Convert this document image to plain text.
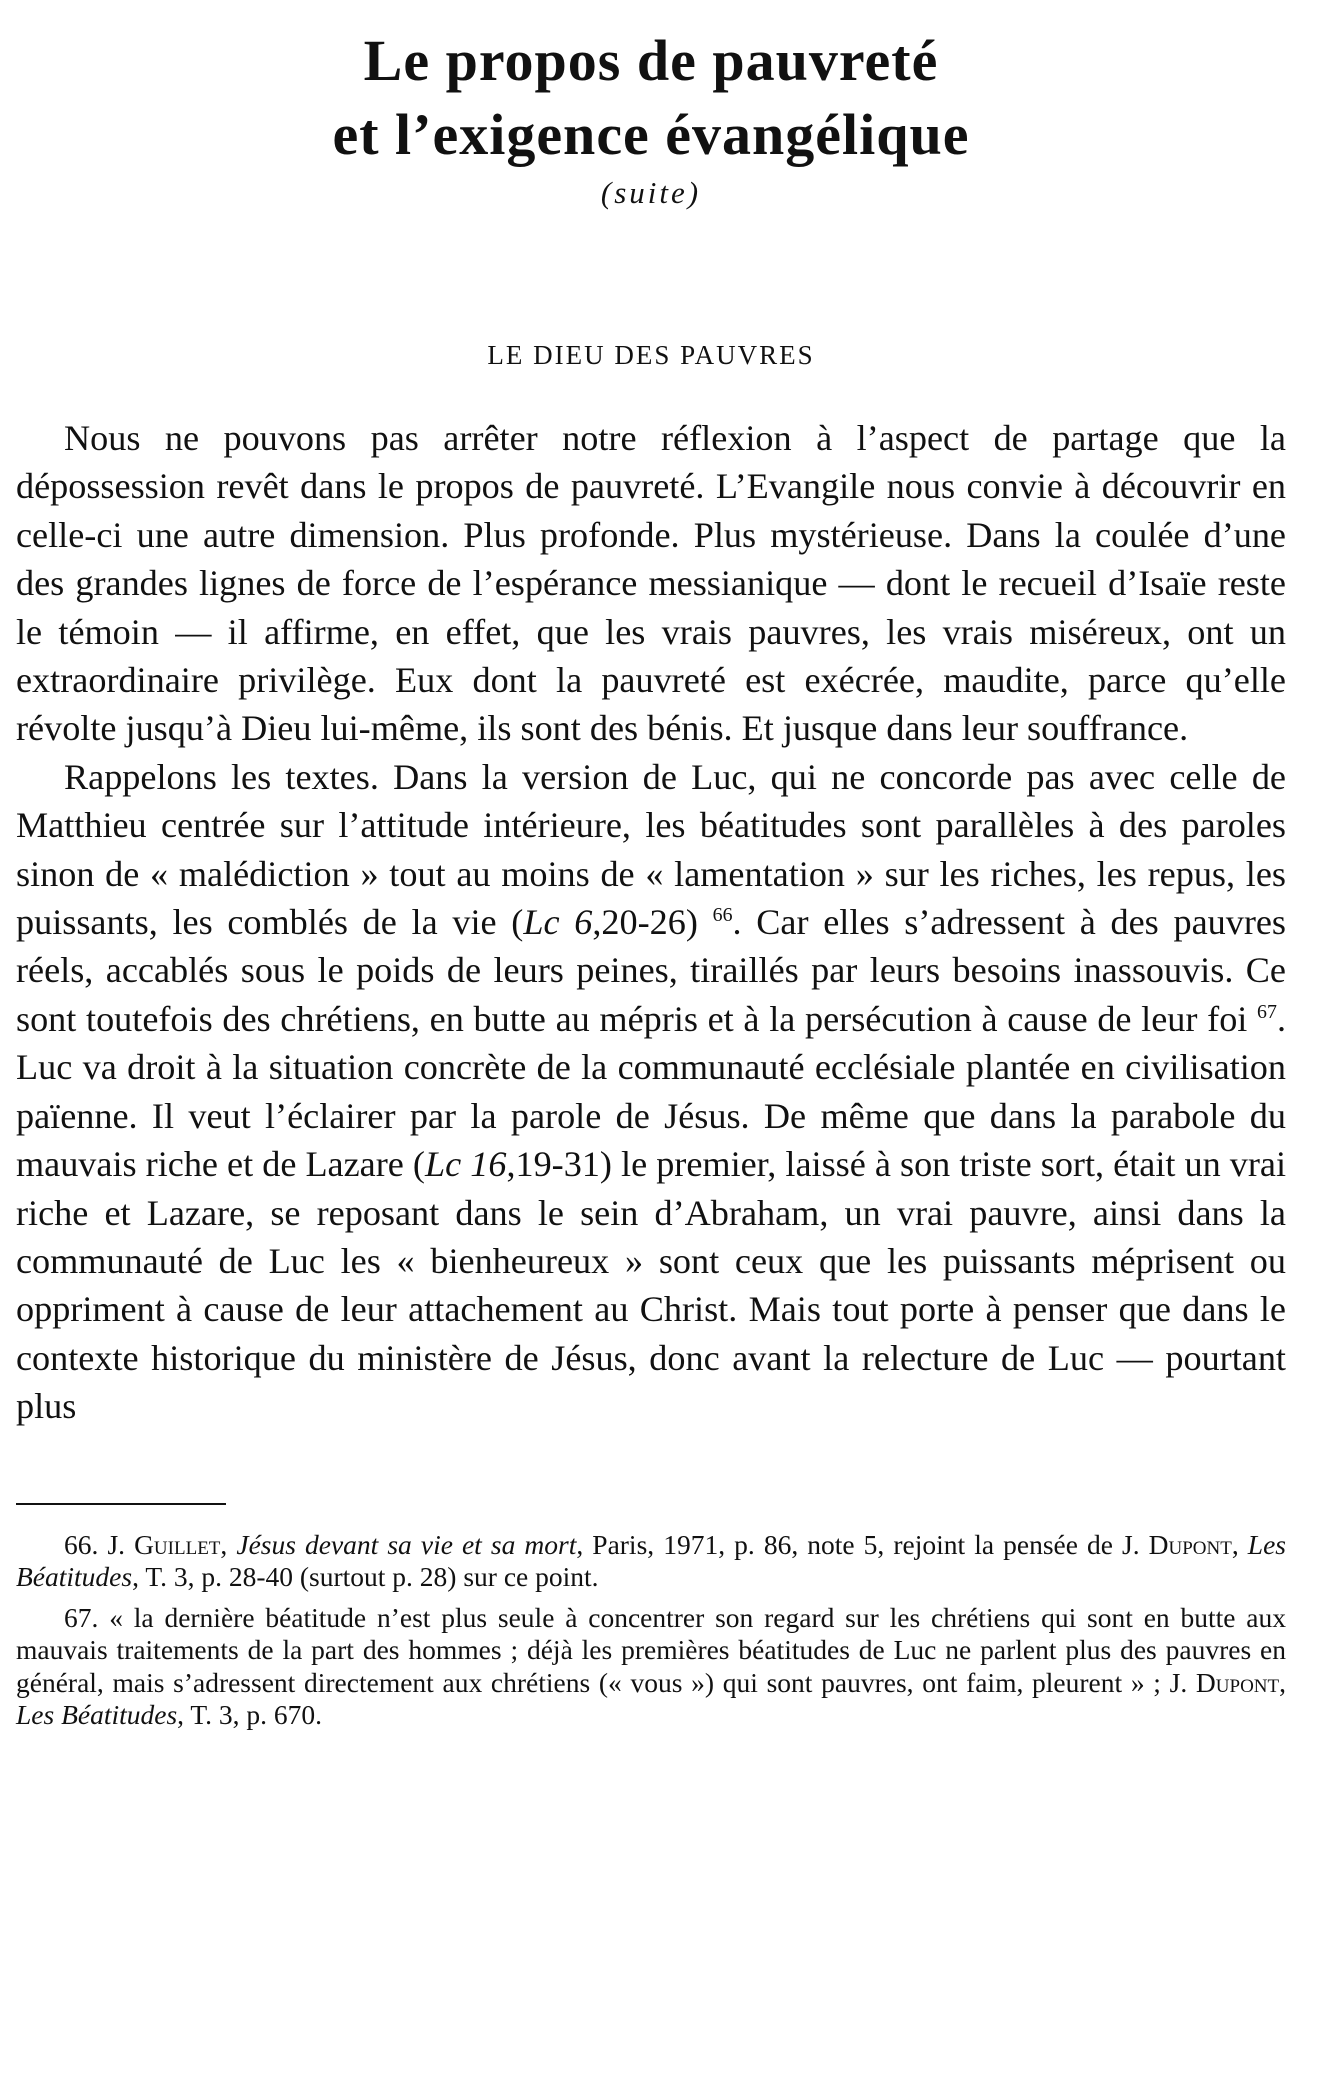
Le propos de pauvreté
et l’exigence évangélique
(suite)
LE DIEU DES PAUVRES

Nous ne pouvons pas arrêter notre réflexion à l’aspect de partage que la dépossession revêt dans le propos de pauvreté. L’Evangile nous convie à découvrir en celle-ci une autre dimension. Plus profonde. Plus mystérieuse. Dans la coulée d’une des grandes lignes de force de l’espérance messianique — dont le recueil d’Isaïe reste le témoin — il affirme, en effet, que les vrais pauvres, les vrais miséreux, ont un extraordinaire privilège. Eux dont la pauvreté est exécrée, maudite, parce qu’elle révolte jusqu’à Dieu lui-même, ils sont des bénis. Et jusque dans leur souffrance.

Rappelons les textes. Dans la version de Luc, qui ne concorde pas avec celle de Matthieu centrée sur l’attitude intérieure, les béatitudes sont parallèles à des paroles sinon de « malédiction » tout au moins de « lamentation » sur les riches, les repus, les puissants, les comblés de la vie (Lc 6,20-26) $^{66}$. Car elles s’adressent à des pauvres réels, accablés sous le poids de leurs peines, tiraillés par leurs besoins inassouvis. Ce sont toutefois des chrétiens, en butte au mépris et à la persécution à cause de leur foi $^{67}$. Luc va droit à la situation concrète de la communauté ecclésiale plantée en civilisation païenne. Il veut l’éclairer par la parole de Jésus. De même que dans la parabole du mauvais riche et de Lazare (Lc 16,19-31) le premier, laissé à son triste sort, était un vrai riche et Lazare, se reposant dans le sein d’Abraham, un vrai pauvre, ainsi dans la communauté de Luc les « bienheureux » sont ceux que les puissants méprisent ou oppriment à cause de leur attachement au Christ. Mais tout porte à penser que dans le contexte historique du ministère de Jésus, donc avant la relecture de Luc — pourtant plus

66. J. Guillet, Jésus devant sa vie et sa mort, Paris, 1971, p. 86, note 5, rejoint la pensée de J. Dupont, Les Béatitudes, T. 3, p. 28-40 (surtout p. 28) sur ce point.

67. « la dernière béatitude n’est plus seule à concentrer son regard sur les chrétiens qui sont en butte aux mauvais traitements de la part des hommes ; déjà les premières béatitudes de Luc ne parlent plus des pauvres en général, mais s’adressent directement aux chrétiens (« vous ») qui sont pauvres, ont faim, pleurent » ; J. Dupont, Les Béatitudes, T. 3, p. 670.
